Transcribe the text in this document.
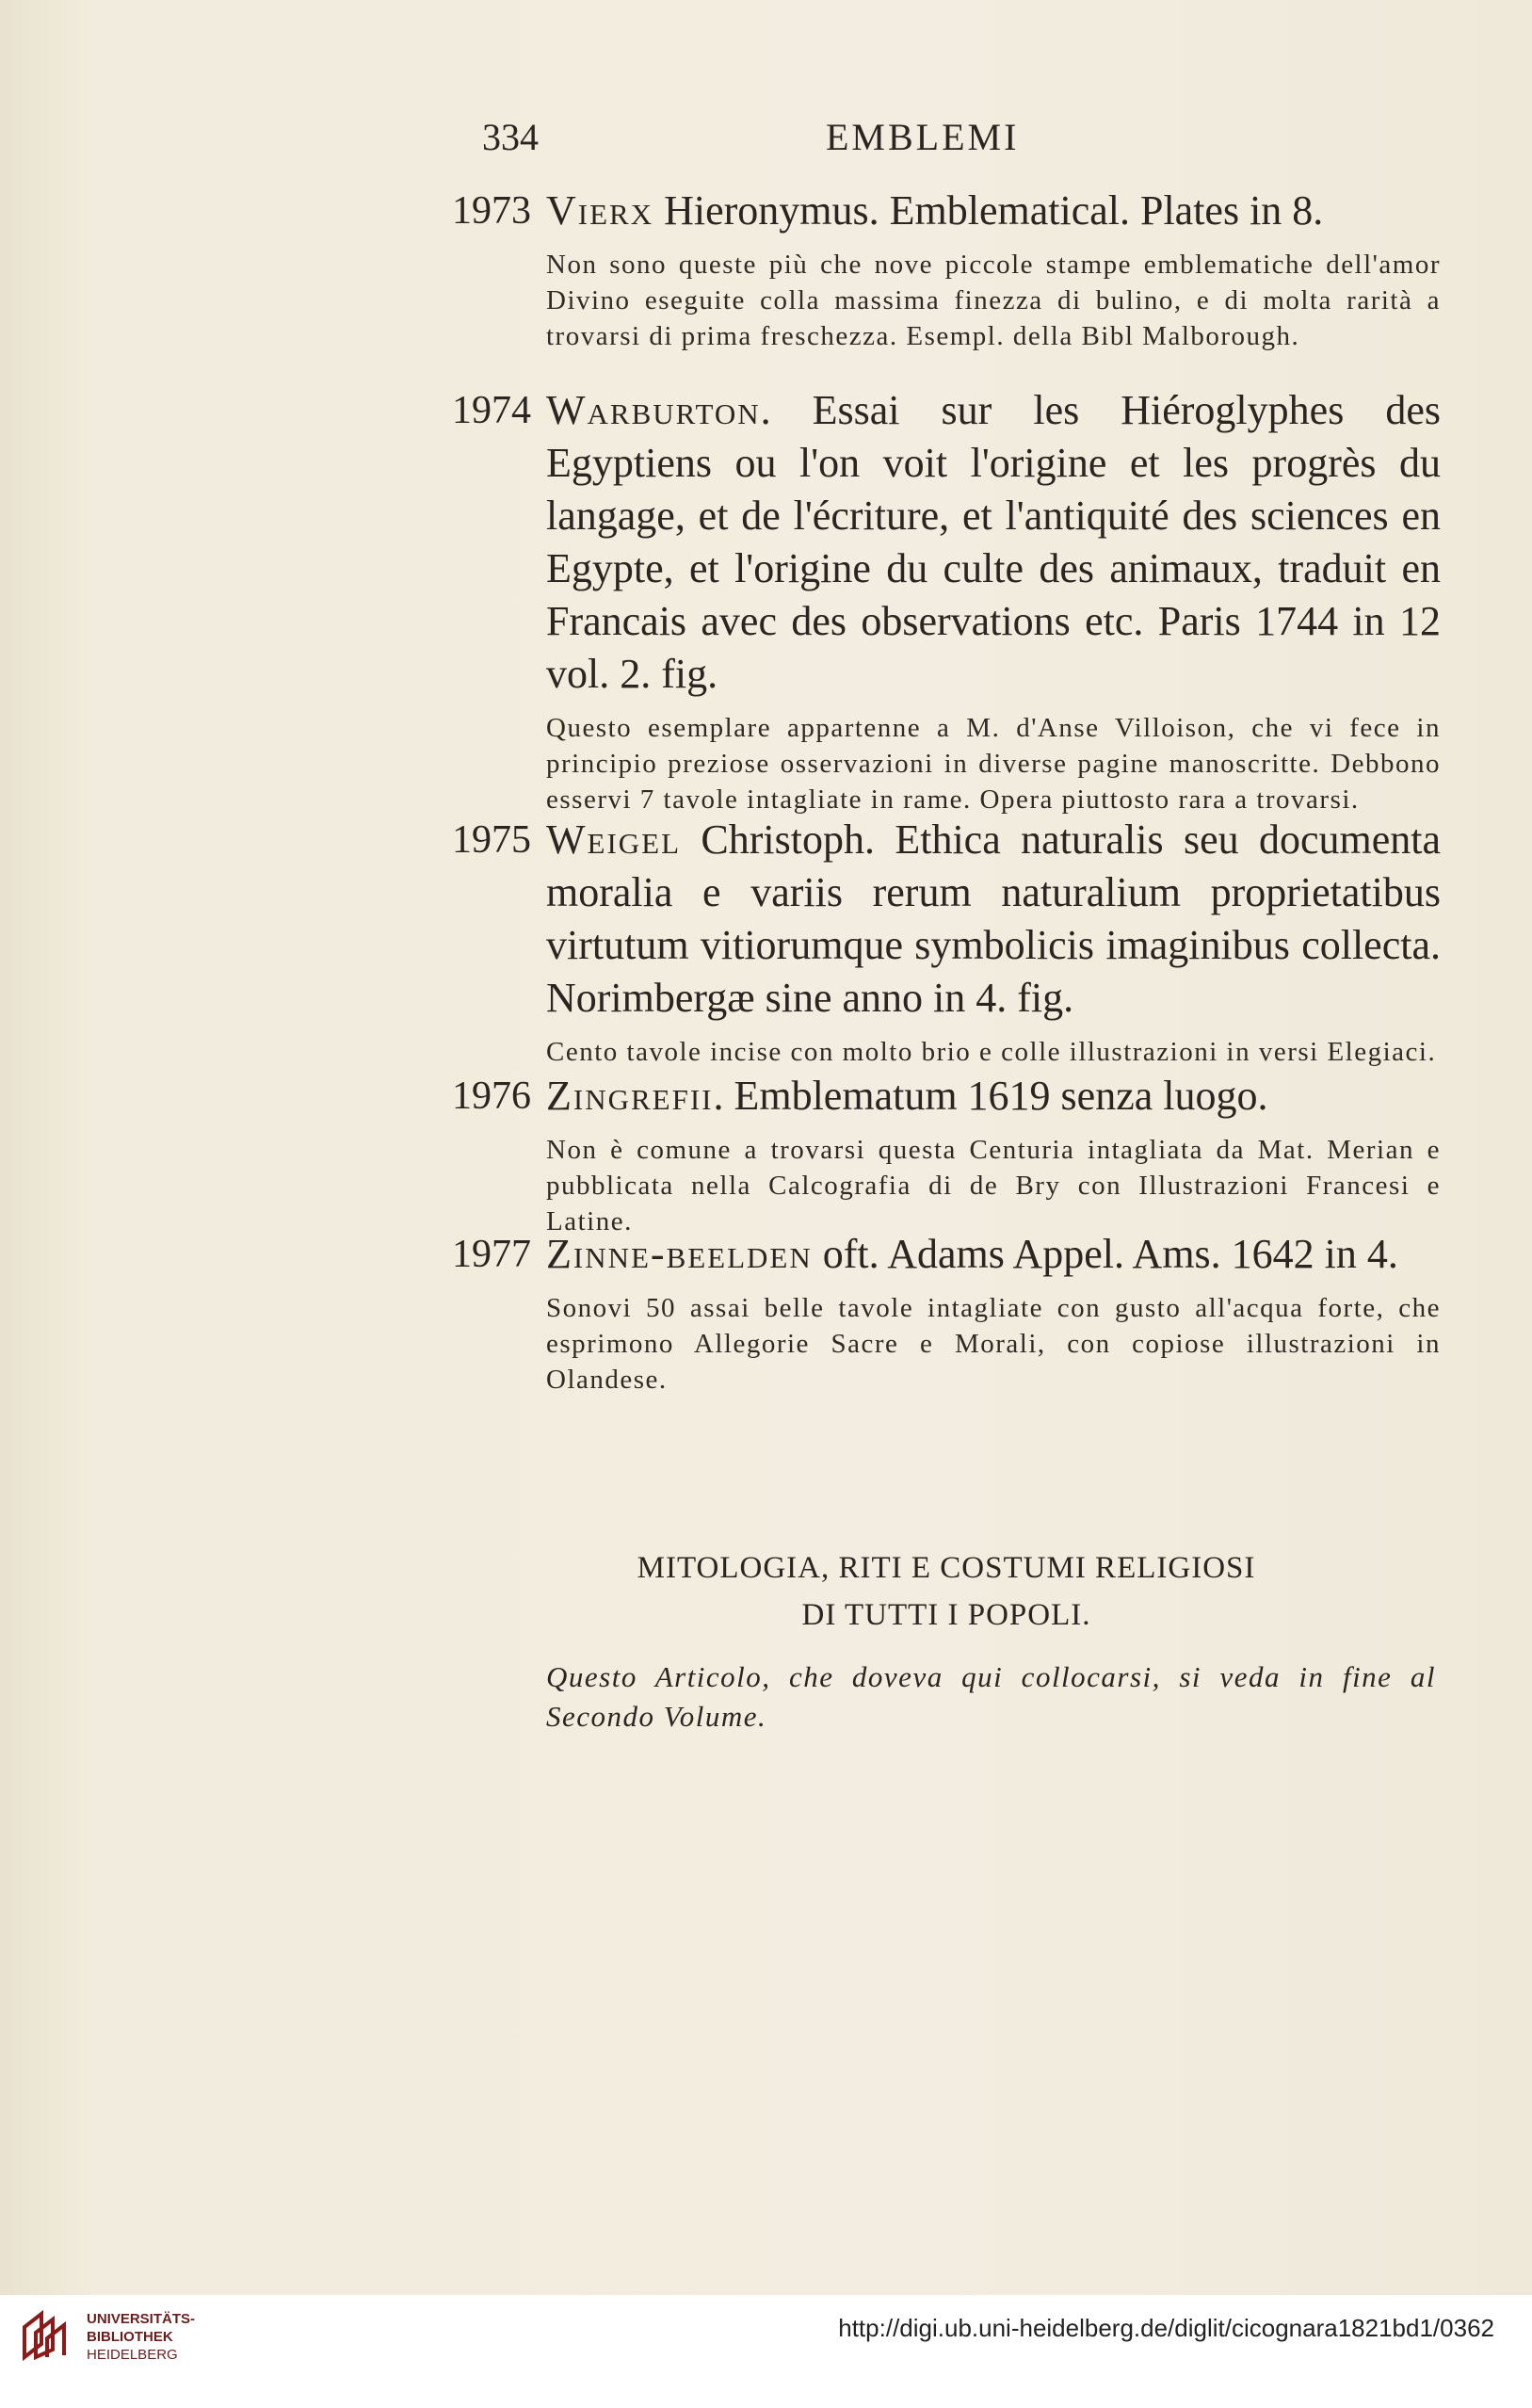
334	EMBLEMI
1973 Vierx Hieronymus. Emblematical. Plates in 8.
Non sono queste più che nove piccole stampe emblematiche dell'amor Divino eseguite colla massima finezza di bulino, e di molta rarità a trovarsi di prima freschezza. Esempl. della Bibl Malborough.
1974 Warburton. Essai sur les Hiéroglyphes des Egyptiens ou l'on voit l'origine et les progrès du langage, et de l'écriture, et l'antiquité des sciences en Egypte, et l'origine du culte des animaux, traduit en Francais avec des observations etc. Paris 1744 in 12 vol. 2. fig.
Questo esemplare appartenne a M. d'Anse Villoison, che vi fece in principio preziose osservazioni in diverse pagine manoscritte. Debbono esservi 7 tavole intagliate in rame. Opera piuttosto rara a trovarsi.
1975 Weigel Christoph. Ethica naturalis seu documenta moralia e variis rerum naturalium proprietatibus virtutum vitiorumque symbolicis imaginibus collecta. Norimbergæ sine anno in 4. fig.
Cento tavole incise con molto brio e colle illustrazioni in versi Elegiaci.
1976 Zingrefii. Emblematum 1619 senza luogo.
Non è comune a trovarsi questa Centuria intagliata da Mat. Merian e pubblicata nella Calcografia di de Bry con Illustrazioni Francesi e Latine.
1977 Zinne-beelden oft. Adams Appel. Ams. 1642 in 4.
Sonovi 50 assai belle tavole intagliate con gusto all'acqua forte, che esprimono Allegorie Sacre e Morali, con copiose illustrazioni in Olandese.
MITOLOGIA, RITI E COSTUMI RELIGIOSI
DI TUTTI I POPOLI.
Questo Articolo, che doveva qui collocarsi, si veda in fine al Secondo Volume.
UNIVERSITÄTS-
BIBLIOTHEK
HEIDELBERG
http://digi.ub.uni-heidelberg.de/diglit/cicognara1821bd1/0362
